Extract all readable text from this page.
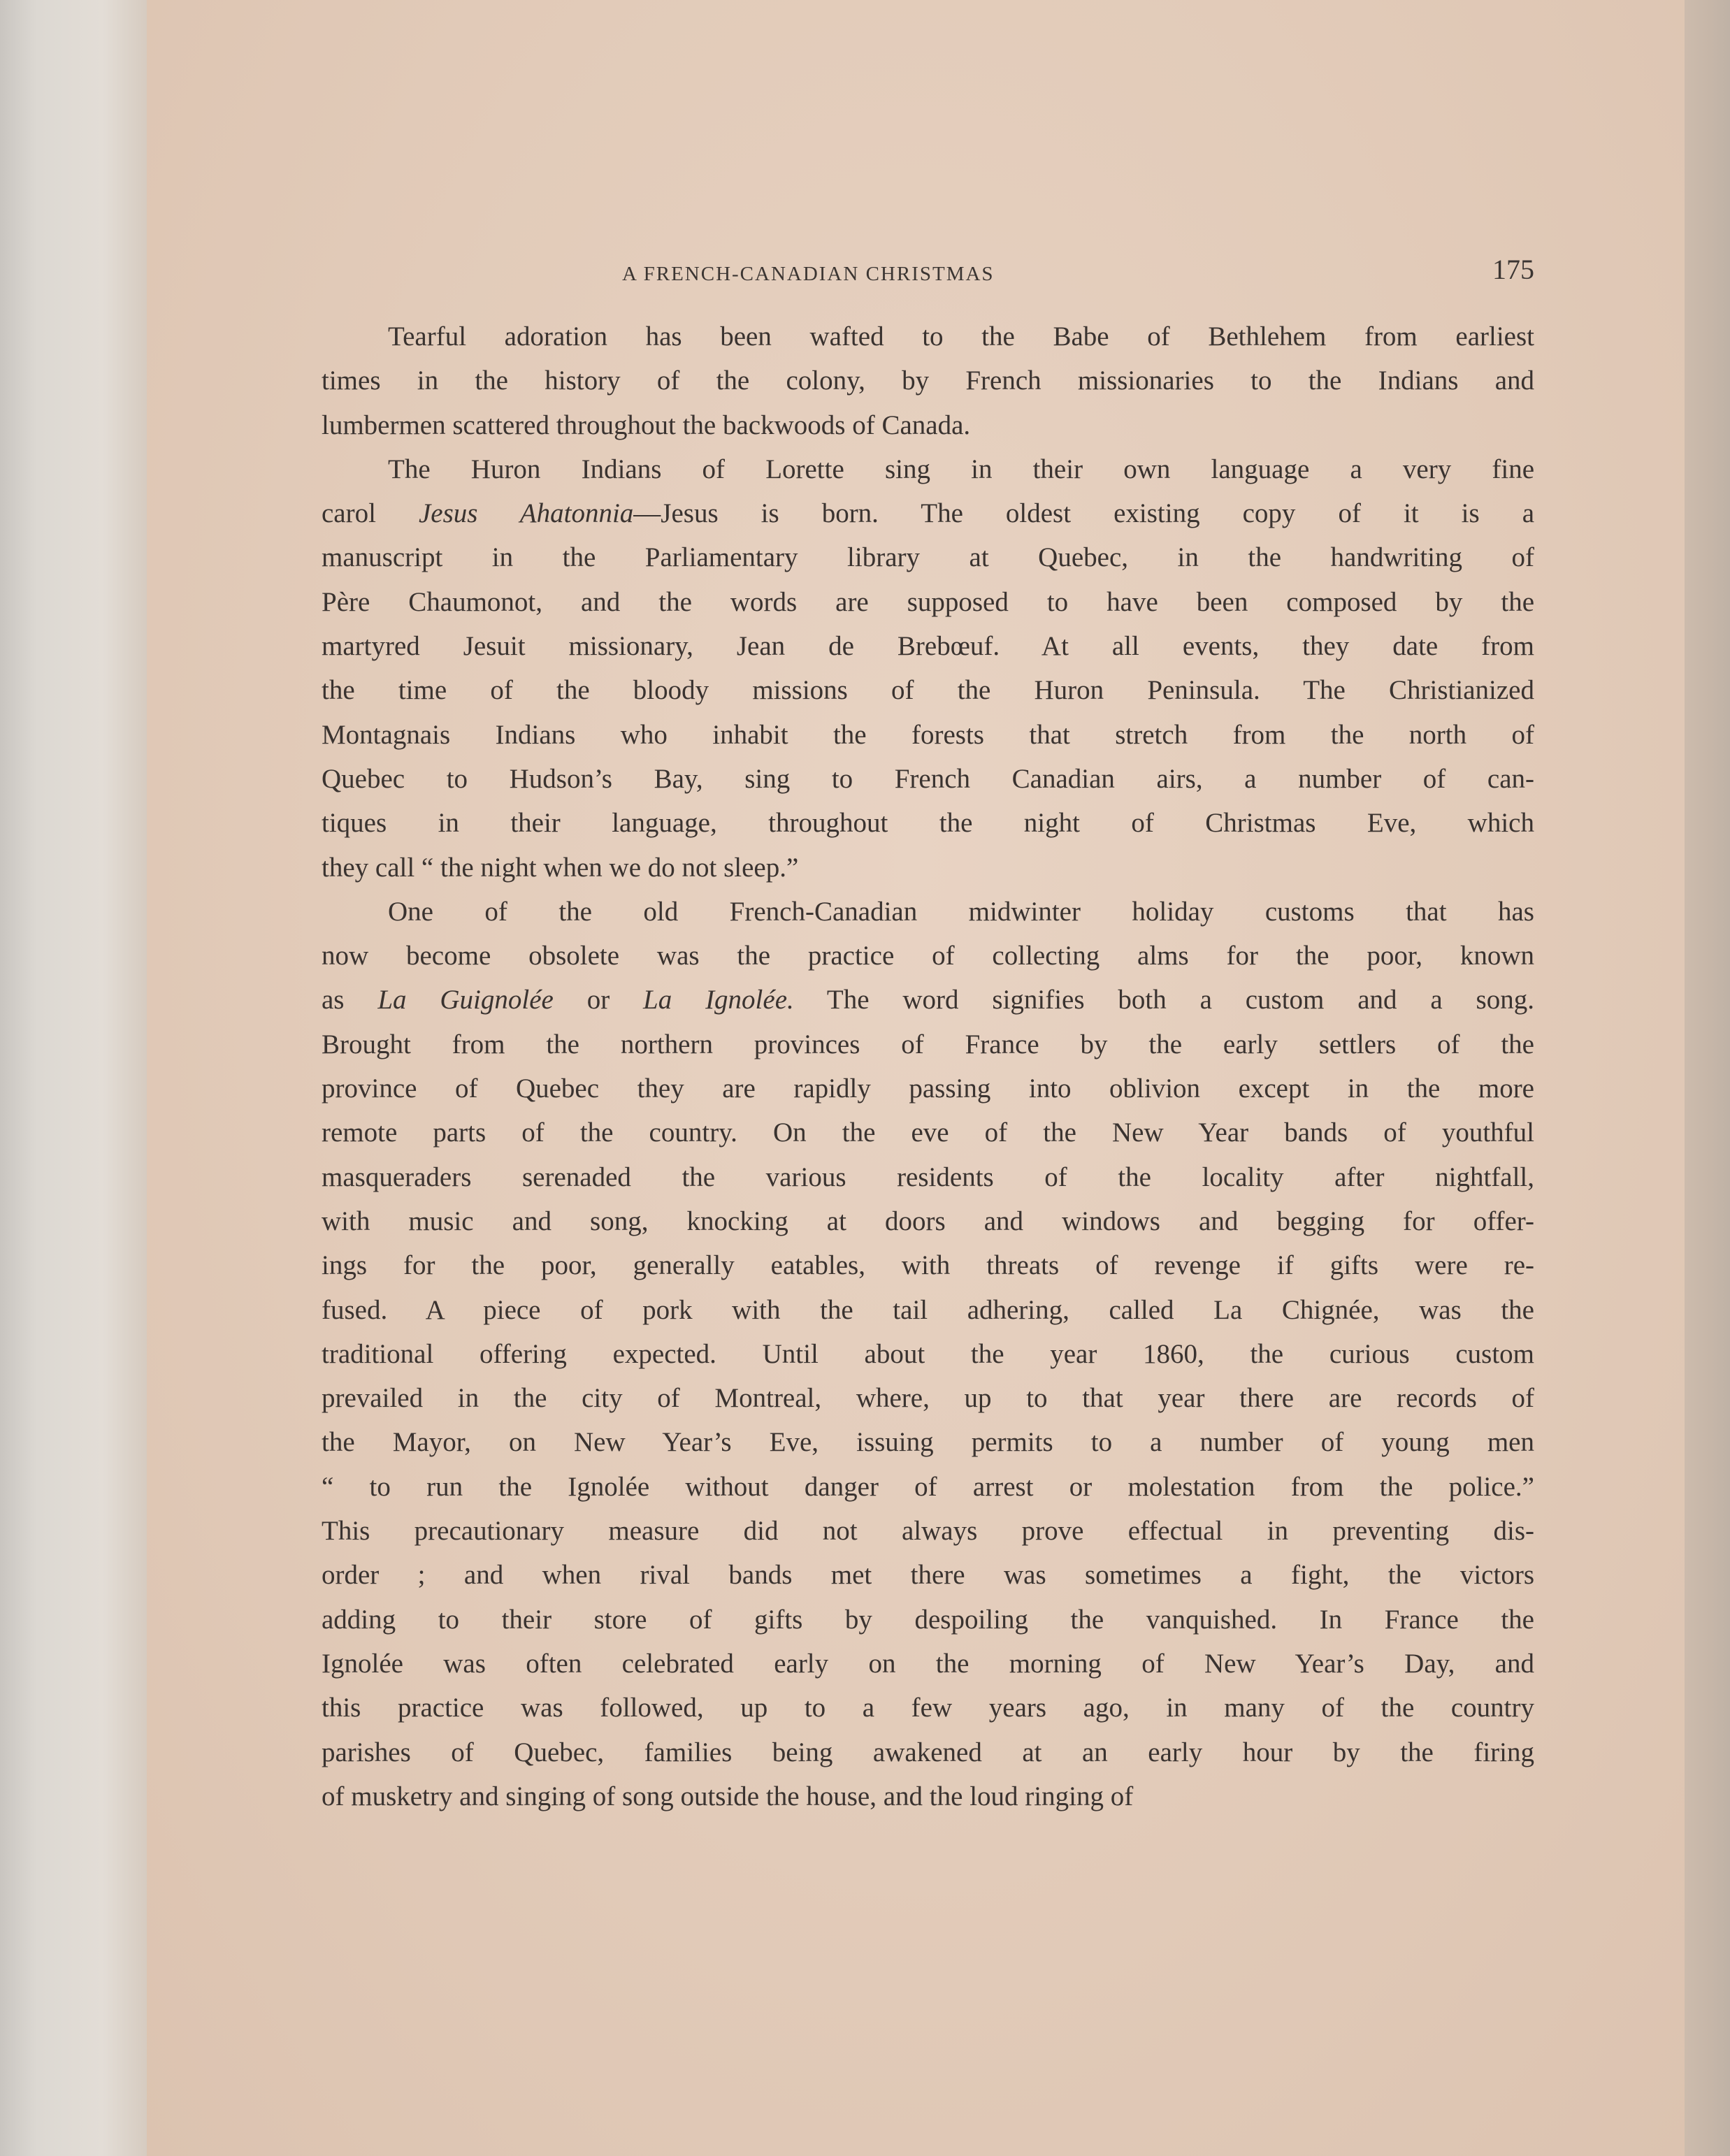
A FRENCH-CANADIAN CHRISTMAS	175
Tearful adoration has been wafted to the Babe of Bethlehem from earliest
times in the history of the colony, by French missionaries to the Indians and
lumbermen scattered throughout the backwoods of Canada.
The Huron Indians of Lorette sing in their own language a very fine
carol Jesus Ahatonnia—Jesus is born. The oldest existing copy of it is a
manuscript in the Parliamentary library at Quebec, in the handwriting of
Père Chaumonot, and the words are supposed to have been composed by the
martyred Jesuit missionary, Jean de Brebœuf. At all events, they date from
the time of the bloody missions of the Huron Peninsula. The Christianized
Montagnais Indians who inhabit the forests that stretch from the north of
Quebec to Hudson’s Bay, sing to French Canadian airs, a number of can-
tiques in their language, throughout the night of Christmas Eve, which
they call “ the night when we do not sleep.”
One of the old French-Canadian midwinter holiday customs that has
now become obsolete was the practice of collecting alms for the poor, known
as La Guignolée or La Ignolée. The word signifies both a custom and a song.
Brought from the northern provinces of France by the early settlers of the
province of Quebec they are rapidly passing into oblivion except in the more
remote parts of the country. On the eve of the New Year bands of youthful
masqueraders serenaded the various residents of the locality after nightfall,
with music and song, knocking at doors and windows and begging for offer-
ings for the poor, generally eatables, with threats of revenge if gifts were re-
fused. A piece of pork with the tail adhering, called La Chignée, was the
traditional offering expected. Until about the year 1860, the curious custom
prevailed in the city of Montreal, where, up to that year there are records of
the Mayor, on New Year’s Eve, issuing permits to a number of young men
“ to run the Ignolée without danger of arrest or molestation from the police.”
This precautionary measure did not always prove effectual in preventing dis-
order ; and when rival bands met there was sometimes a fight, the victors
adding to their store of gifts by despoiling the vanquished. In France the
Ignolée was often celebrated early on the morning of New Year’s Day, and
this practice was followed, up to a few years ago, in many of the country
parishes of Quebec, families being awakened at an early hour by the firing
of musketry and singing of song outside the house, and the loud ringing of
